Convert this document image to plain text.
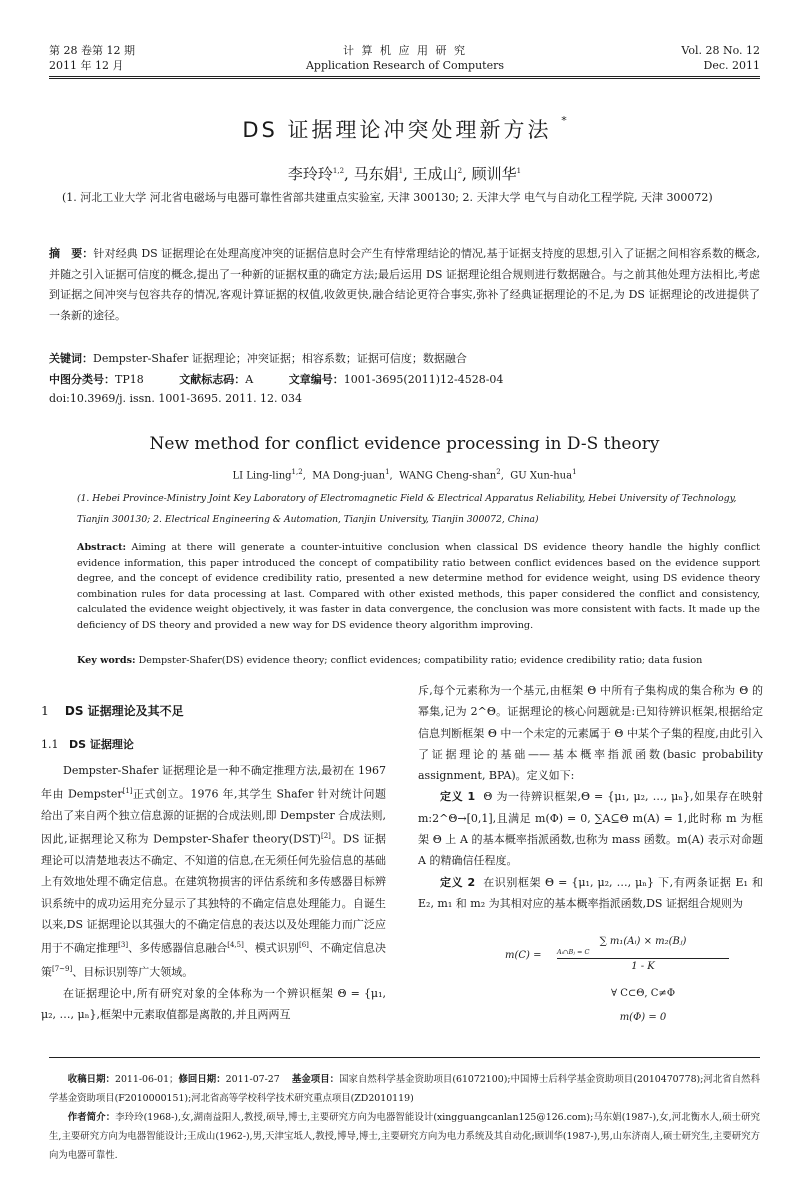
第 28 卷第 12 期
2011 年 12 月
计 算 机 应 用 研 究
Application Research of Computers
Vol. 28 No. 12
Dec. 2011
DS 证据理论冲突处理新方法 *
李玲玲$^{1,2}$, 马东娟$^1$, 王成山$^2$, 顾训华$^1$
(1. 河北工业大学 河北省电磁场与电器可靠性省部共建重点实验室, 天津 300130; 2. 天津大学 电气与自动化工程学院, 天津 300072)
摘　要：针对经典 DS 证据理论在处理高度冲突的证据信息时会产生有悖常理结论的情况,基于证据支持度的思想,引入了证据之间相容系数的概念,并随之引入证据可信度的概念,提出了一种新的证据权重的确定方法;最后运用 DS 证据理论组合规则进行数据融合。与之前其他处理方法相比,考虑到证据之间冲突与包容共存的情况,客观计算证据的权值,收敛更快,融合结论更符合事实,弥补了经典证据理论的不足,为 DS 证据理论的改进提供了一条新的途径。
关键词：Dempster-Shafer 证据理论；冲突证据；相容系数；证据可信度；数据融合
中图分类号：TP18	文献标志码：A	文章编号：1001-3695(2011)12-4528-04
doi:10.3969/j. issn. 1001-3695. 2011. 12. 034
New method for conflict evidence processing in D-S theory
LI Ling-ling$^{1,2}$,  MA Dong-juan$^1$,  WANG Cheng-shan$^2$,  GU Xun-hua$^1$
(1. Hebei Province-Ministry Joint Key Laboratory of Electromagnetic Field & Electrical Apparatus Reliability, Hebei University of Technology, Tianjin 300130; 2. Electrical Engineering & Automation, Tianjin University, Tianjin 300072, China)
Abstract: Aiming at there will generate a counter-intuitive conclusion when classical DS evidence theory handle the highly conflict evidence information, this paper introduced the concept of compatibility ratio between conflict evidences based on the evidence support degree, and the concept of evidence credibility ratio, presented a new determine method for evidence weight, using DS evidence theory combination rules for data processing at last. Compared with other existed methods, this paper considered the conflict and consistency, calculated the evidence weight objectively, it was faster in data convergence, the conclusion was more consistent with facts. It made up the deficiency of DS theory and provided a new way for DS evidence theory algorithm improving.
Key words: Dempster-Shafer(DS) evidence theory; conflict evidences; compatibility ratio; evidence credibility ratio; data fusion
1 DS 证据理论及其不足
1.1 DS 证据理论

Dempster-Shafer 证据理论是一种不确定推理方法,最初在 1967 年由 Dempster[1]正式创立。1976 年,其学生 Shafer 针对统计问题给出了来自两个独立信息源的证据的合成法则,即 Dempster 合成法则,因此,证据理论又称为 Dempster-Shafer theory(DST)[2]。DS 证据理论可以清楚地表达不确定、不知道的信息,在无须任何先验信息的基础上有效地处理不确定信息。在建筑物损害的评估系统和多传感器目标辨识系统中的成功运用充分显示了其独特的不确定信息处理能力。自诞生以来,DS 证据理论以其强大的不确定信息的表达以及处理能力而广泛应用于不确定推理[3]、多传感器信息融合[4,5]、模式识别[6]、不确定信息决策[7~9]、目标识别等广大领域。

在证据理论中,所有研究对象的全体称为一个辨识框架 Θ = {μ₁, μ₂, …, μₙ},框架中元素取值都是离散的,并且两两互

斥,每个元素称为一个基元,由框架 Θ 中所有子集构成的集合称为 Θ 的幂集,记为 2^Θ。证据理论的核心问题就是:已知待辨识框架,根据给定信息判断框架 Θ 中一个未定的元素属于 Θ 中某个子集的程度,由此引入了证据理论的基础——基本概率指派函数(basic probability assignment, BPA)。定义如下:

定义 1 Θ 为一待辨识框架,Θ = {μ₁, μ₂, …, μₙ},如果存在映射 m:2^Θ→[0,1],且满足 m(Φ) = 0, ∑A⊆Θ m(A) = 1,此时称 m 为框架 Θ 上 A 的基本概率指派函数,也称为 mass 函数。m(A) 表示对命题 A 的精确信任程度。

定义 2 在识别框架 Θ = {μ₁, μ₂, …, μₙ} 下,有两条证据 E₁ 和 E₂, m₁ 和 m₂ 为其相对应的基本概率指派函数,DS 证据组合规则为

m(C) =
∑ m₁(Aᵢ) × m₂(Bⱼ)
Aᵢ∩Bⱼ = C
1 - K
∀ C⊂Θ, C≠Φ
m(Φ) = 0
收稿日期：2011-06-01；修回日期：2011-07-27 基金项目：国家自然科学基金资助项目(61072100);中国博士后科学基金资助项目(2010470778);河北省自然科学基金资助项目(F2010000151);河北省高等学校科学技术研究重点项目(ZD2010119)
作者简介：李玲玲(1968-),女,湖南益阳人,教授,硕导,博士,主要研究方向为电器智能设计(xingguangcanlan125@126.com);马东娟(1987-),女,河北衡水人,硕士研究生,主要研究方向为电器智能设计;王成山(1962-),男,天津宝坻人,教授,博导,博士,主要研究方向为电力系统及其自动化;顾训华(1987-),男,山东济南人,硕士研究生,主要研究方向为电器可靠性.
